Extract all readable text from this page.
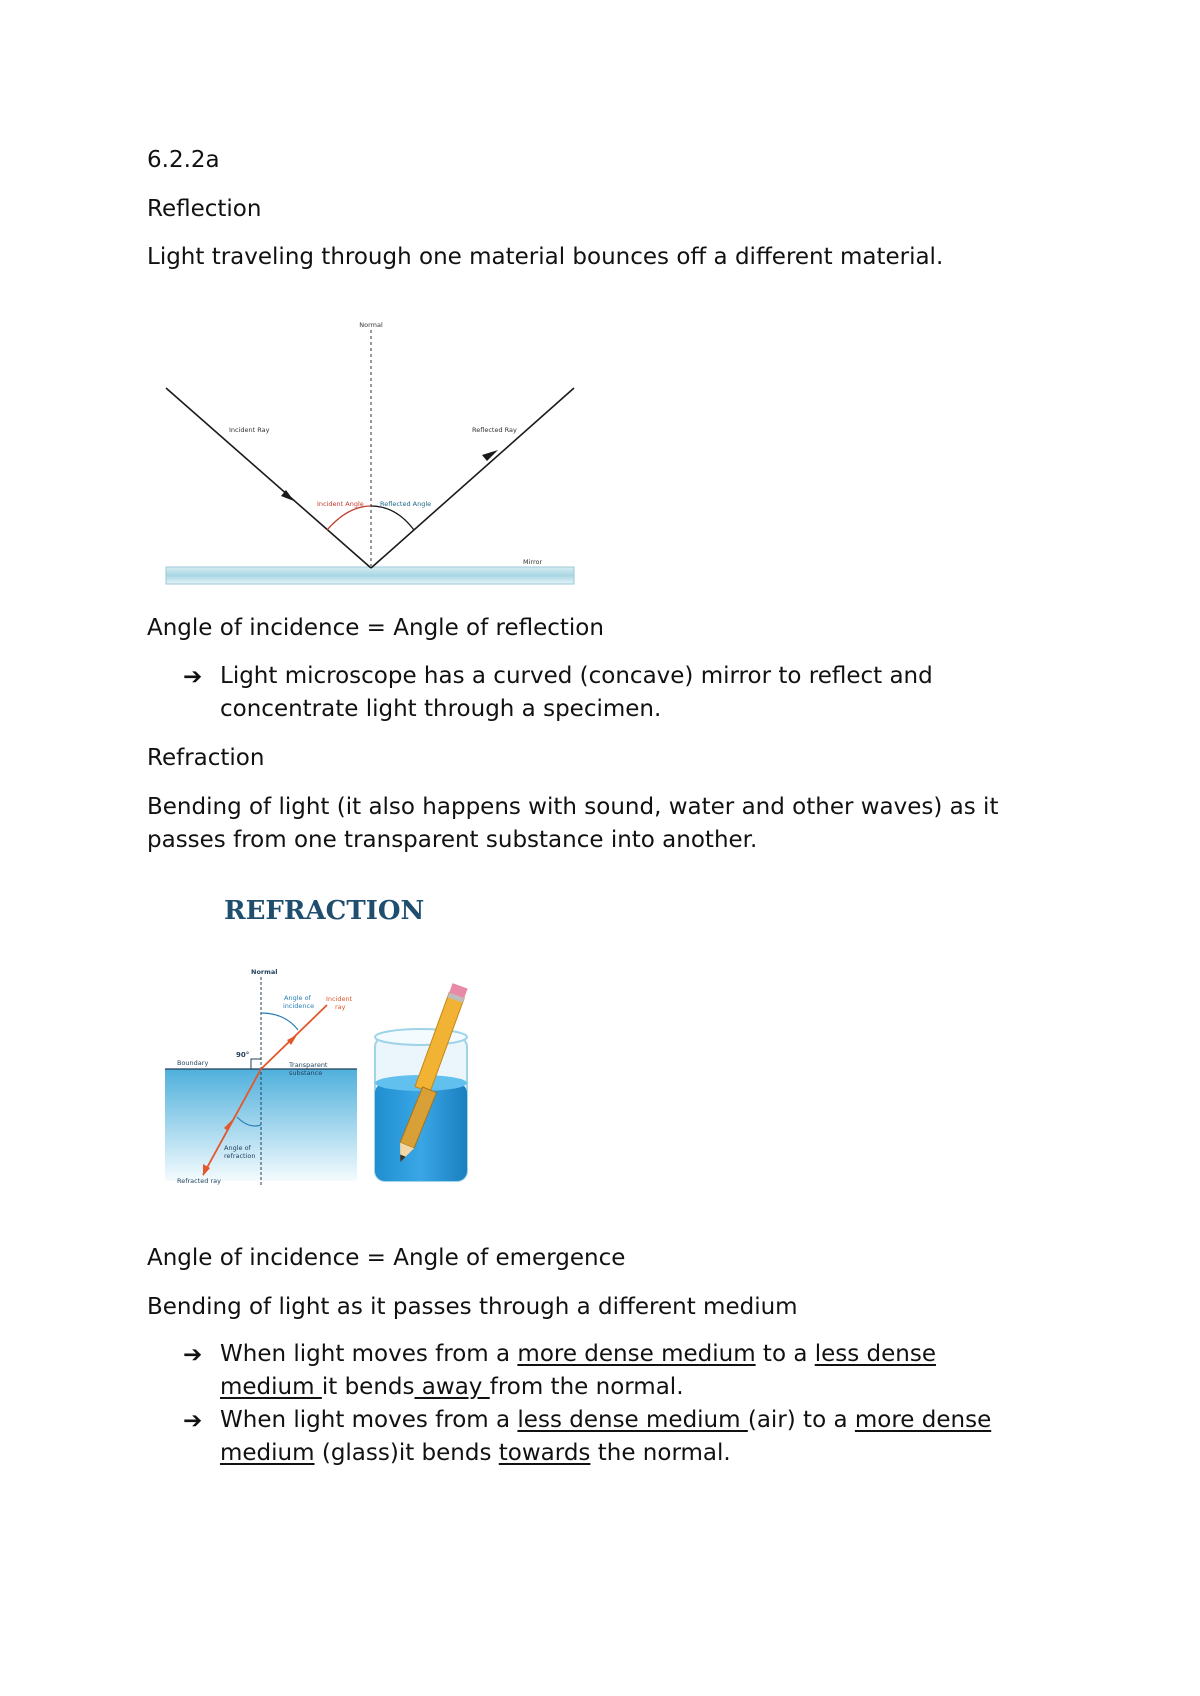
6.2.2a

Reflection

Light traveling through one material bounces off a different material.

Normal
Incident Ray	Reflected Ray
Incident Angle Reflected Angle
Mirror

Angle of incidence = Angle of reflection

➔ Light microscope has a curved (concave) mirror to reflect and
concentrate light through a specimen.

Refraction

Bending of light (it also happens with sound, water and other waves) as it

passes from one transparent substance into another.

REFRACTION
Normal
Angle of
incidence
Incident
ray
90°
Boundary	Transparent
substance
Angle of
refraction
Refracted ray

Angle of incidence = Angle of emergence

Bending of light as it passes through a different medium

➔ When light moves from a more dense medium to a less dense
medium it bends away from the normal.
➔ When light moves from a less dense medium (air) to a more dense
medium (glass)it bends towards the normal.
